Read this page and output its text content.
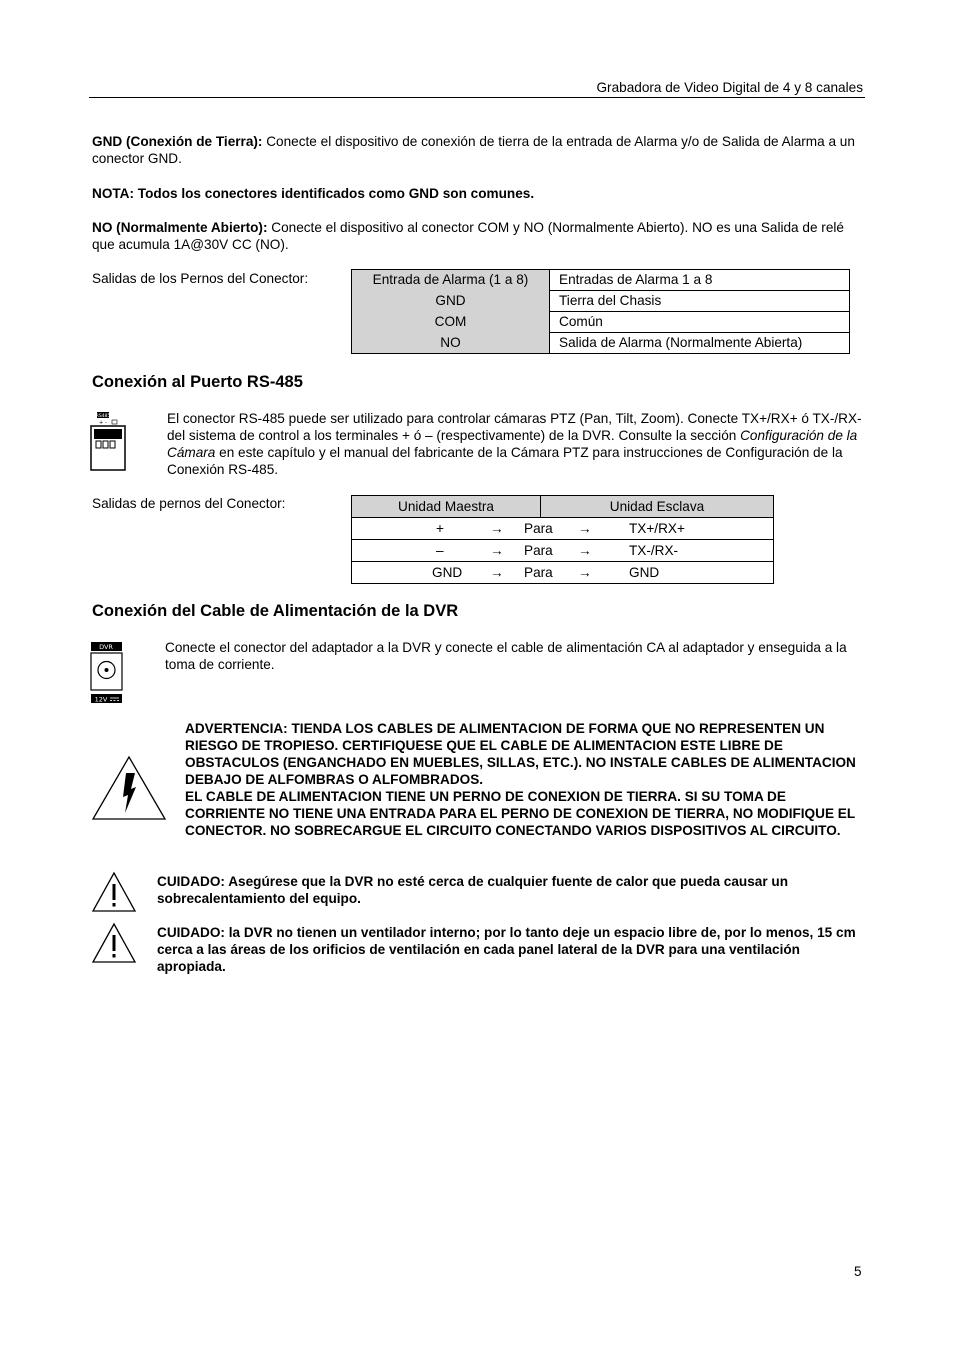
Grabadora de Video Digital de 4 y 8 canales

GND (Conexión de Tierra): Conecte el dispositivo de conexión de tierra de la entrada de Alarma y/o de Salida de Alarma a un conector GND.

NOTA: Todos los conectores identificados como GND son comunes.

NO (Normalmente Abierto): Conecte el dispositivo al conector COM y NO (Normalmente Abierto). NO es una Salida de relé que acumula 1A@30V CC (NO).

Salidas de los Pernos del Conector:	Entrada de Alarma (1 a 8)	Entradas de Alarma 1 a 8
GND	Tierra del Chasis
COM	Común
NO	Salida de Alarma (Normalmente Abierta)
Conexión al Puerto RS-485
RS485
+ -	El conector RS-485 puede ser utilizado para controlar cámaras PTZ (Pan, Tilt, Zoom). Conecte TX+/RX+ ó TX-/RX- del sistema de control a los terminales + ó – (respectivamente) de la DVR. Consulte la sección Configuración de la Cámara en este capítulo y el manual del fabricante de la Cámara PTZ para instrucciones de Configuración de la Conexión RS-485.

Salidas de pernos del Conector:	Unidad Maestra	Unidad Esclava

+	→ Para →	TX+/RX+

–	→ Para →	TX-/RX-

GND → Para →	GND
Conexión del Cable de Alimentación de la DVR
DVR
12V

Conecte el conector del adaptador a la DVR y conecte el cable de alimentación CA al adaptador y enseguida a la toma de corriente.

ADVERTENCIA: TIENDA LOS CABLES DE ALIMENTACION DE FORMA QUE NO REPRESENTEN UN RIESGO DE TROPIESO. CERTIFIQUESE QUE EL CABLE DE ALIMENTACION ESTE LIBRE DE OBSTACULOS (ENGANCHADO EN MUEBLES, SILLAS, ETC.). NO INSTALE CABLES DE ALIMENTACION DEBAJO DE ALFOMBRAS O ALFOMBRADOS.

EL CABLE DE ALIMENTACION TIENE UN PERNO DE CONEXION DE TIERRA. SI SU TOMA DE CORRIENTE NO TIENE UNA ENTRADA PARA EL PERNO DE CONEXION DE TIERRA, NO MODIFIQUE EL CONECTOR. NO SOBRECARGUE EL CIRCUITO CONECTANDO VARIOS DISPOSITIVOS AL CIRCUITO.

CUIDADO: Asegúrese que la DVR no esté cerca de cualquier fuente de calor que pueda causar un sobrecalentamiento del equipo.

CUIDADO: la DVR no tienen un ventilador interno; por lo tanto deje un espacio libre de, por lo menos, 15 cm cerca a las áreas de los orificios de ventilación en cada panel lateral de la DVR para una ventilación apropiada.

5
